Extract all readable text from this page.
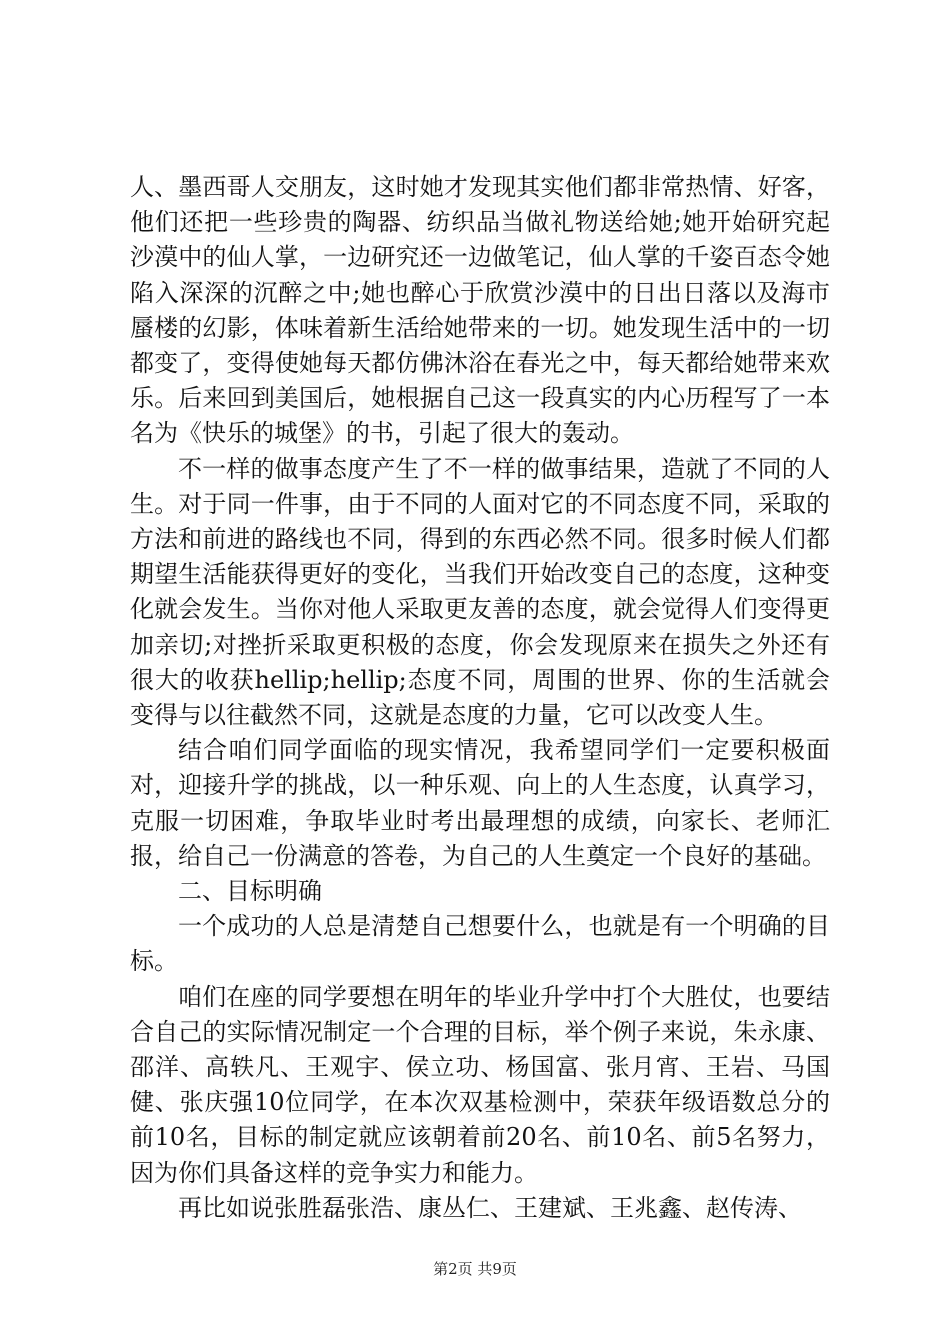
人、墨西哥人交朋友，这时她才发现其实他们都非常热情、好客，他们还把一些珍贵的陶器、纺织品当做礼物送给她;她开始研究起沙漠中的仙人掌，一边研究还一边做笔记，仙人掌的千姿百态令她陷入深深的沉醉之中;她也醉心于欣赏沙漠中的日出日落以及海市蜃楼的幻影，体味着新生活给她带来的一切。她发现生活中的一切都变了，变得使她每天都仿佛沐浴在春光之中，每天都给她带来欢乐。后来回到美国后，她根据自己这一段真实的内心历程写了一本名为《快乐的城堡》的书，引起了很大的轰动。

不一样的做事态度产生了不一样的做事结果，造就了不同的人生。对于同一件事，由于不同的人面对它的不同态度不同，采取的方法和前进的路线也不同，得到的东西必然不同。很多时候人们都期望生活能获得更好的变化，当我们开始改变自己的态度，这种变化就会发生。当你对他人采取更友善的态度，就会觉得人们变得更加亲切;对挫折采取更积极的态度，你会发现原来在损失之外还有很大的收获hellip;hellip;态度不同，周围的世界、你的生活就会变得与以往截然不同，这就是态度的力量，它可以改变人生。

结合咱们同学面临的现实情况，我希望同学们一定要积极面对，迎接升学的挑战，以一种乐观、向上的人生态度，认真学习，克服一切困难，争取毕业时考出最理想的成绩，向家长、老师汇报，给自己一份满意的答卷，为自己的人生奠定一个良好的基础。

二、目标明确

一个成功的人总是清楚自己想要什么，也就是有一个明确的目标。

咱们在座的同学要想在明年的毕业升学中打个大胜仗，也要结合自己的实际情况制定一个合理的目标，举个例子来说，朱永康、邵洋、高轶凡、王观宇、侯立功、杨国富、张月宵、王岩、马国健、张庆强10位同学，在本次双基检测中，荣获年级语数总分的前10名，目标的制定就应该朝着前20名、前10名、前5名努力，因为你们具备这样的竞争实力和能力。

再比如说张胜磊张浩、康丛仁、王建斌、王兆鑫、赵传涛、

第2页 共9页
